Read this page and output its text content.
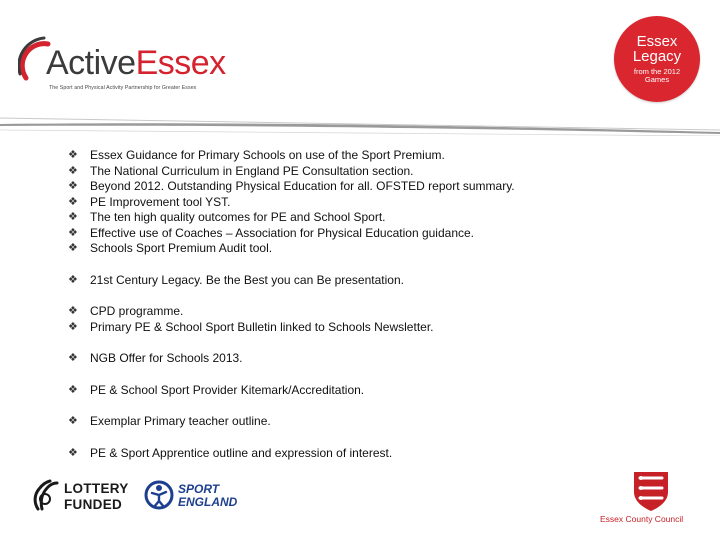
ActiveEssex
The Sport and Physical Activity Partnership for Greater Essex
Essex
Legacy
from the 2012
Games
❖	Essex Guidance for Primary Schools on use of the Sport Premium.
❖	The National Curriculum in England PE Consultation section.
❖	Beyond 2012. Outstanding Physical Education for all. OFSTED report summary.
❖	PE Improvement tool YST.
❖	The ten high quality outcomes for PE and School Sport.
❖	Effective use of Coaches – Association for Physical Education guidance.
❖	Schools Sport Premium Audit tool.
❖	21st Century Legacy. Be the Best you can Be presentation.
❖	CPD programme.
❖	Primary PE & School Sport Bulletin linked to Schools Newsletter.
❖	NGB Offer for Schools 2013.
❖	PE & School Sport Provider Kitemark/Accreditation.
❖	Exemplar Primary teacher outline.
❖	PE & Sport Apprentice outline and expression of interest.
LOTTERY
FUNDED
SPORT
ENGLAND
Essex County Council
